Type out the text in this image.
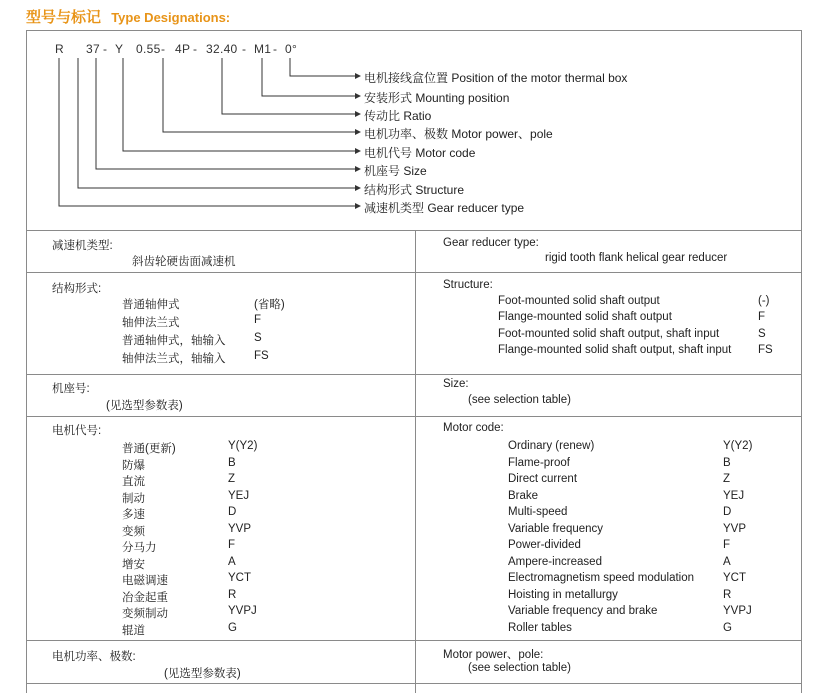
型号与标记 Type Designations:
R 37 - Y 0.55 - 4P - 32.40 - M1 - 0°
电机接线盒位置 Position of the motor thermal box
安装形式 Mounting position
传动比 Ratio
电机功率、极数 Motor power、pole
电机代号 Motor code
机座号 Size
结构形式 Structure
减速机类型 Gear reducer type
减速机类型:
斜齿轮硬齿面减速机
Gear reducer type:
rigid tooth flank helical gear reducer
结构形式:
普通轴伸式	(省略)
轴伸法兰式	F
普通轴伸式，轴输入 S
轴伸法兰式，轴输入 FS
Structure:
Foot-mounted solid shaft output	(-)
Flange-mounted solid shaft output	F
Foot-mounted solid shaft output, shaft input	S
Flange-mounted solid shaft output, shaft input FS
机座号:
(见选型参数表)
Size:
(see selection table)
电机代号:	Motor code:
普通(更新)	Y(Y2)	Ordinary (renew)	Y(Y2)
防爆	B	Flame-proof	B
直流	Z	Direct current	Z
制动	YEJ	Brake	YEJ
多速	D	Multi-speed	D
变频	YVP	Variable frequency	YVP
分马力	F	Power-divided	F
增安	A	Ampere-increased	A
电磁调速	YCT	Electromagnetism speed modulation	YCT
冶金起重	R	Hoisting in metallurgy	R
变频制动	YVPJ	Variable frequency and brake	YVPJ
辊道	G	Roller tables	G
电机功率、极数:
(见选型参数表)
Motor power、pole:
(see selection table)
